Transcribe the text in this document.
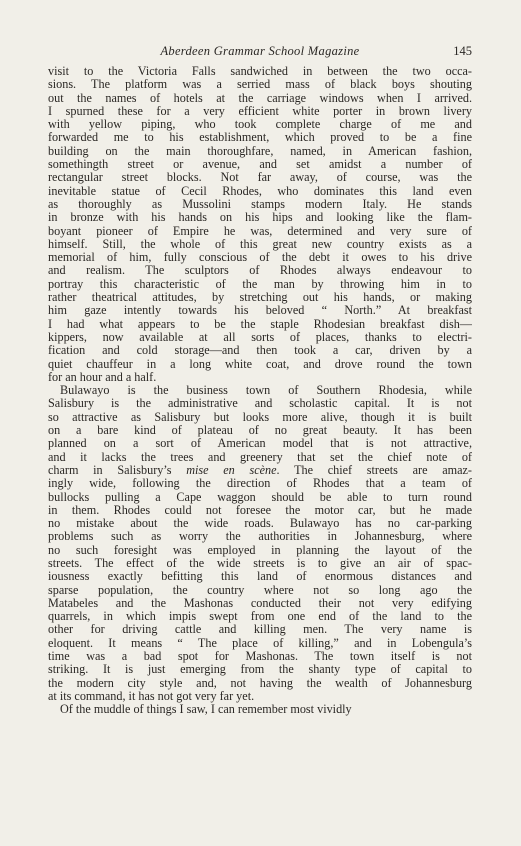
Aberdeen Grammar School Magazine	145
visit to the Victoria Falls sandwiched in between the two occa-
sions. The platform was a serried mass of black boys shouting
out the names of hotels at the carriage windows when I arrived.
I spurned these for a very efficient white porter in brown livery
with yellow piping, who took complete charge of me and
forwarded me to his establishment, which proved to be a fine
building on the main thoroughfare, named, in American fashion,
somethingth street or avenue, and set amidst a number of
rectangular street blocks. Not far away, of course, was the
inevitable statue of Cecil Rhodes, who dominates this land even
as thoroughly as Mussolini stamps modern Italy. He stands
in bronze with his hands on his hips and looking like the flam-
boyant pioneer of Empire he was, determined and very sure of
himself. Still, the whole of this great new country exists as a
memorial of him, fully conscious of the debt it owes to his drive
and realism. The sculptors of Rhodes always endeavour to
portray this characteristic of the man by throwing him in to
rather theatrical attitudes, by stretching out his hands, or making
him gaze intently towards his beloved “ North.” At breakfast
I had what appears to be the staple Rhodesian breakfast dish—
kippers, now available at all sorts of places, thanks to electri-
fication and cold storage—and then took a car, driven by a
quiet chauffeur in a long white coat, and drove round the town
for an hour and a half.
Bulawayo is the business town of Southern Rhodesia, while
Salisbury is the administrative and scholastic capital. It is not
so attractive as Salisbury but looks more alive, though it is built
on a bare kind of plateau of no great beauty. It has been
planned on a sort of American model that is not attractive,
and it lacks the trees and greenery that set the chief note of
charm in Salisbury’s mise en scène. The chief streets are amaz-
ingly wide, following the direction of Rhodes that a team of
bullocks pulling a Cape waggon should be able to turn round
in them. Rhodes could not foresee the motor car, but he made
no mistake about the wide roads. Bulawayo has no car-parking
problems such as worry the authorities in Johannesburg, where
no such foresight was employed in planning the layout of the
streets. The effect of the wide streets is to give an air of spac-
iousness exactly befitting this land of enormous distances and
sparse population, the country where not so long ago the
Matabeles and the Mashonas conducted their not very edifying
quarrels, in which impis swept from one end of the land to the
other for driving cattle and killing men. The very name is
eloquent. It means “ The place of killing,” and in Lobengula’s
time was a bad spot for Mashonas. The town itself is not
striking. It is just emerging from the shanty type of capital to
the modern city style and, not having the wealth of Johannesburg
at its command, it has not got very far yet.
Of the muddle of things I saw, I can remember most vividly
